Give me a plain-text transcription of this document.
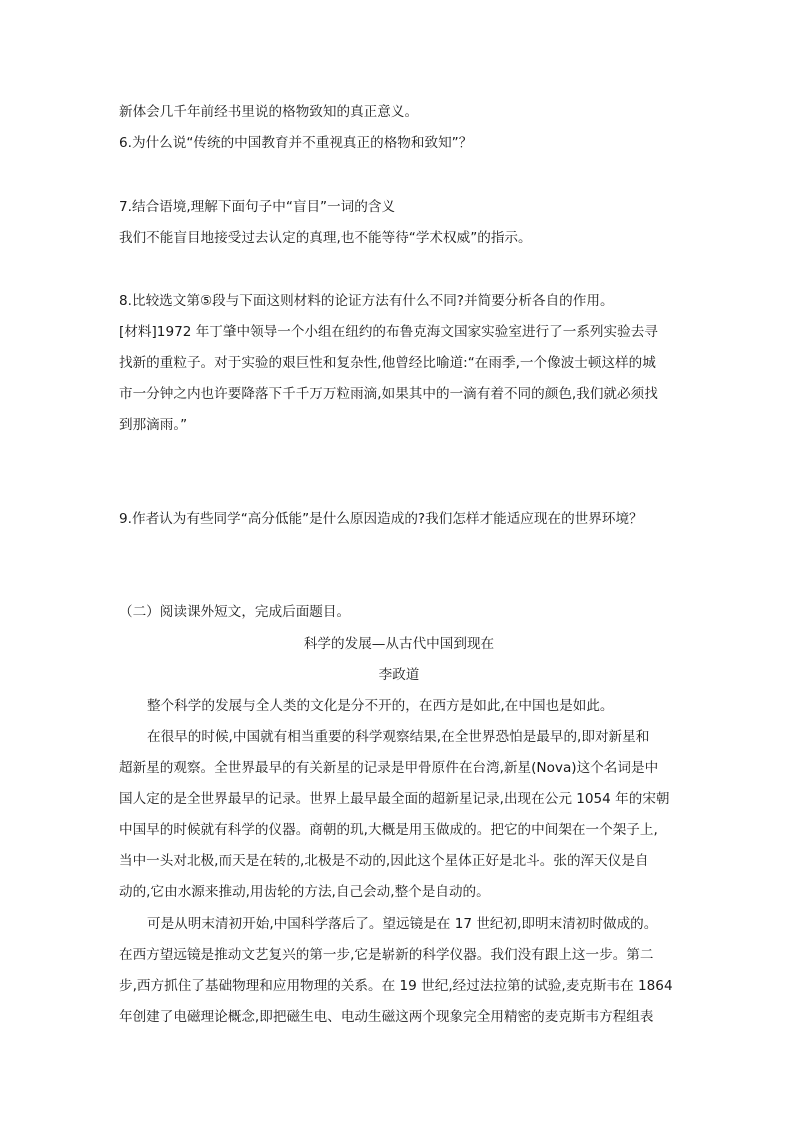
新体会几千年前经书里说的格物致知的真正意义。
6.为什么说“传统的中国教育并不重视真正的格物和致知”？
7.结合语境,理解下面句子中“盲目”一词的含义
我们不能盲目地接受过去认定的真理,也不能等待“学术权威”的指示。
8.比较选文第⑤段与下面这则材料的论证方法有什么不同?并简要分析各自的作用。
[材料]1972 年丁肇中领导一个小组在纽约的布鲁克海文国家实验室进行了一系列实验去寻
找新的重粒子。对于实验的艰巨性和复杂性,他曾经比喻道:“在雨季,一个像波士顿这样的城
市一分钟之内也许要降落下千千万万粒雨滴,如果其中的一滴有着不同的颜色,我们就必须找
到那滴雨。”
9.作者认为有些同学“高分低能”是什么原因造成的?我们怎样才能适应现在的世界环境？
（二）阅读课外短文，完成后面题目。
科学的发展—从古代中国到现在
李政道
整个科学的发展与全人类的文化是分不开的，在西方是如此,在中国也是如此。
在很早的时候,中国就有相当重要的科学观察结果,在全世界恐怕是最早的,即对新星和
超新星的观察。全世界最早的有关新星的记录是甲骨原件在台湾,新星(Nova)这个名词是中
国人定的是全世界最早的记录。世界上最早最全面的超新星记录,出现在公元 1054 年的宋朝
中国早的时候就有科学的仪器。商朝的玑,大概是用玉做成的。把它的中间架在一个架子上,
当中一头对北极,而天是在转的,北极是不动的,因此这个星体正好是北斗。张的浑天仪是自
动的,它由水源来推动,用齿轮的方法,自己会动,整个是自动的。
可是从明末清初开始,中国科学落后了。望远镜是在 17 世纪初,即明末清初时做成的。
在西方望远镜是推动文艺复兴的第一步,它是崭新的科学仪器。我们没有跟上这一步。第二
步,西方抓住了基础物理和应用物理的关系。在 19 世纪,经过法拉第的试验,麦克斯韦在 1864
年创建了电磁理论概念,即把磁生电、电动生磁这两个现象完全用精密的麦克斯韦方程组表
